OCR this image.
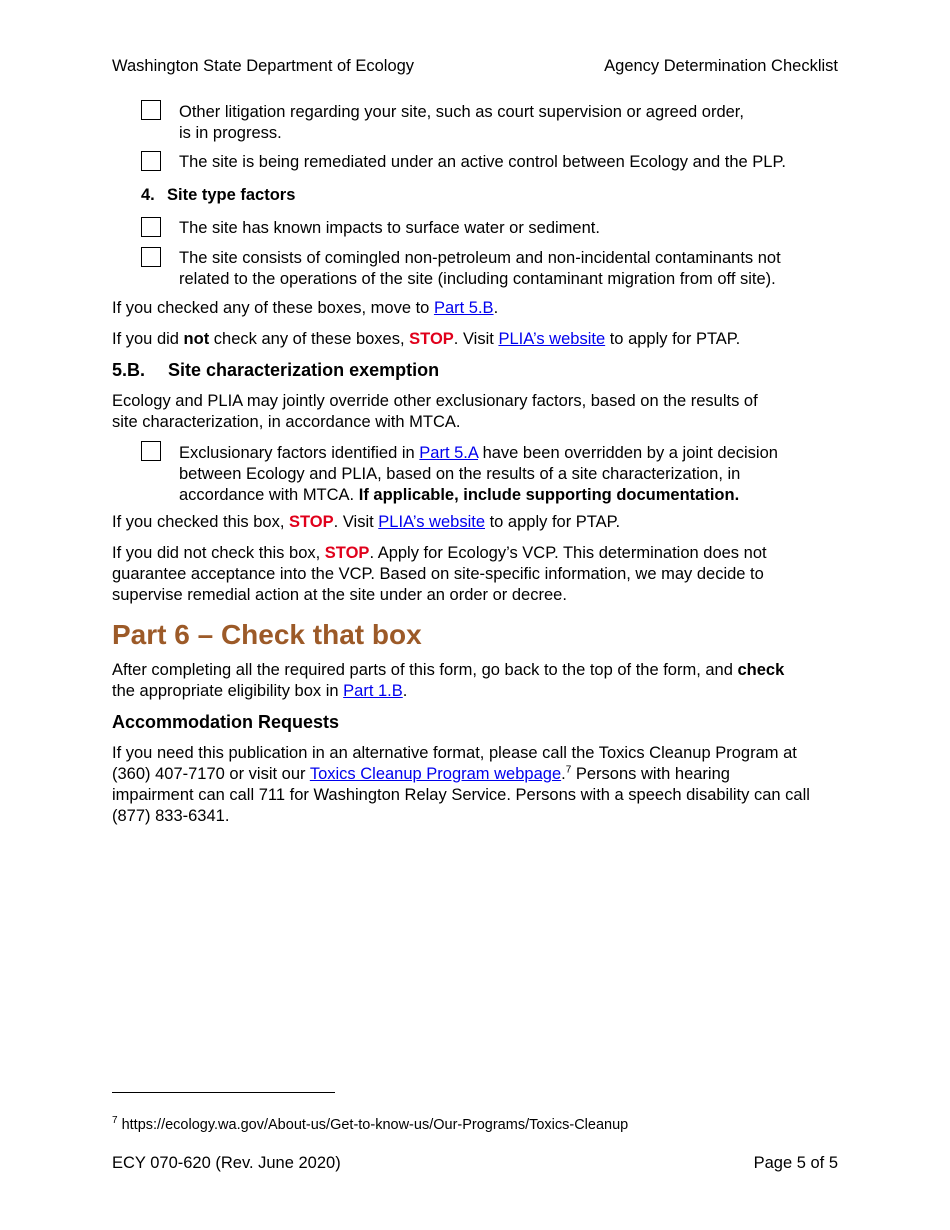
Washington State Department of Ecology	Agency Determination Checklist
Other litigation regarding your site, such as court supervision or agreed order,
is in progress.
The site is being remediated under an active control between Ecology and the PLP.
4. Site type factors
The site has known impacts to surface water or sediment.
The site consists of comingled non-petroleum and non-incidental contaminants not
related to the operations of the site (including contaminant migration from off site).
If you checked any of these boxes, move to Part 5.B.
If you did not check any of these boxes, STOP. Visit PLIA’s website to apply for PTAP.
5.B. Site characterization exemption
Ecology and PLIA may jointly override other exclusionary factors, based on the results of
site characterization, in accordance with MTCA.
Exclusionary factors identified in Part 5.A have been overridden by a joint decision
between Ecology and PLIA, based on the results of a site characterization, in
accordance with MTCA. If applicable, include supporting documentation.
If you checked this box, STOP. Visit PLIA’s website to apply for PTAP.
If you did not check this box, STOP. Apply for Ecology’s VCP. This determination does not
guarantee acceptance into the VCP. Based on site-specific information, we may decide to
supervise remedial action at the site under an order or decree.
Part 6 – Check that box
After completing all the required parts of this form, go back to the top of the form, and check
the appropriate eligibility box in Part 1.B.
Accommodation Requests
If you need this publication in an alternative format, please call the Toxics Cleanup Program at
(360) 407-7170 or visit our Toxics Cleanup Program webpage.$^7$ Persons with hearing
impairment can call 711 for Washington Relay Service. Persons with a speech disability can call
(877) 833-6341.
$^7$ https://ecology.wa.gov/About-us/Get-to-know-us/Our-Programs/Toxics-Cleanup
ECY 070-620 (Rev. June 2020)	Page 5 of 5
